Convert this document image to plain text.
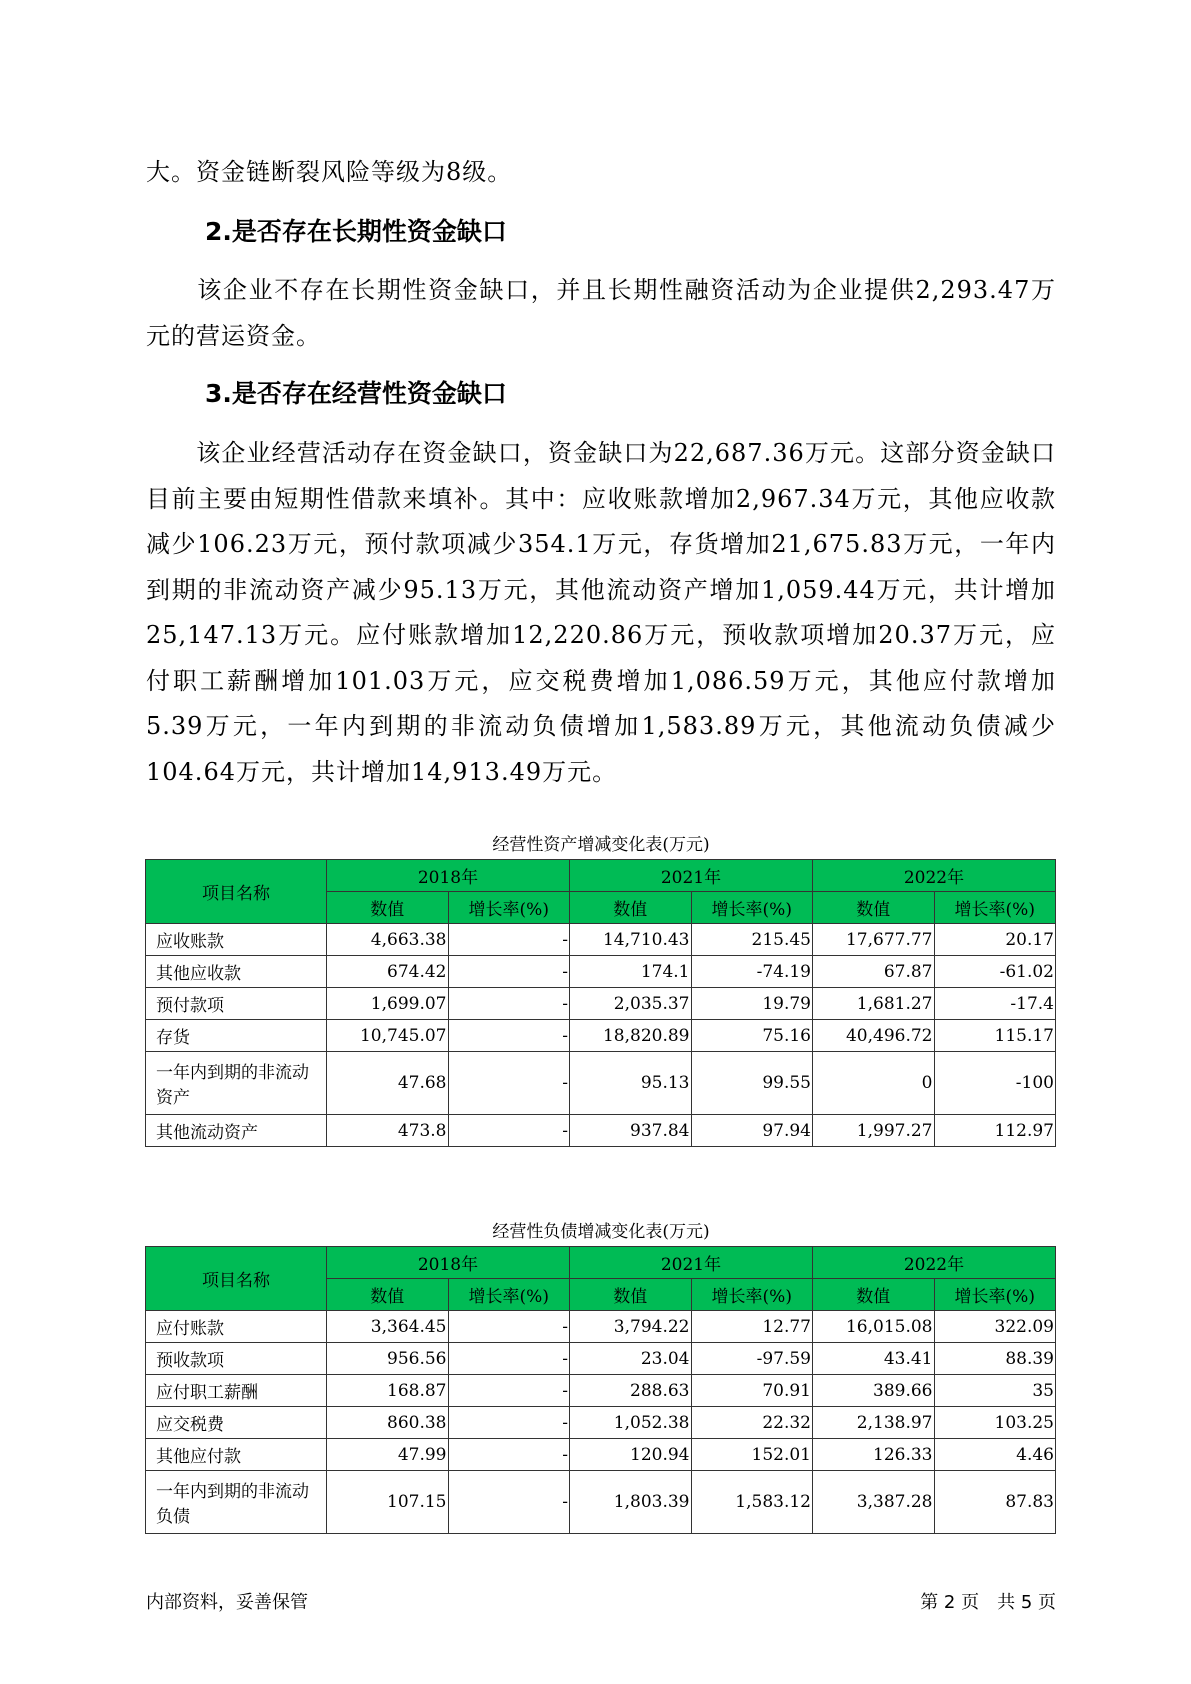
大。资金链断裂风险等级为8级。
2.是否存在长期性资金缺口
　　该企业不存在长期性资金缺口，并且长期性融资活动为企业提供2,293.47万元的营运资金。
3.是否存在经营性资金缺口
　　该企业经营活动存在资金缺口，资金缺口为22,687.36万元。这部分资金缺口目前主要由短期性借款来填补。其中：应收账款增加2,967.34万元，其他应收款减少106.23万元，预付款项减少354.1万元，存货增加21,675.83万元，一年内到期的非流动资产减少95.13万元，其他流动资产增加1,059.44万元，共计增加25,147.13万元。应付账款增加12,220.86万元，预收款项增加20.37万元，应付职工薪酬增加101.03万元，应交税费增加1,086.59万元，其他应付款增加5.39万元，一年内到期的非流动负债增加1,583.89万元，其他流动负债减少104.64万元，共计增加14,913.49万元。
经营性资产增减变化表(万元)
项目名称	2018年		2021年		2022年	
	数值	增长率(%)	数值	增长率(%)	数值	增长率(%)
应收账款	4,663.38	-	14,710.43	215.45	17,677.77	20.17
其他应收款	674.42	-	174.1	-74.19	67.87	-61.02
预付款项	1,699.07	-	2,035.37	19.79	1,681.27	-17.4
存货	10,745.07	-	18,820.89	75.16	40,496.72	115.17
一年内到期的非流动资产	47.68	-	95.13	99.55	0	-100
其他流动资产	473.8	-	937.84	97.94	1,997.27	112.97
经营性负债增减变化表(万元)
项目名称	2018年		2021年		2022年	
	数值	增长率(%)	数值	增长率(%)	数值	增长率(%)
应付账款	3,364.45	-	3,794.22	12.77	16,015.08	322.09
预收款项	956.56	-	23.04	-97.59	43.41	88.39
应付职工薪酬	168.87	-	288.63	70.91	389.66	35
应交税费	860.38	-	1,052.38	22.32	2,138.97	103.25
其他应付款	47.99	-	120.94	152.01	126.33	4.46
一年内到期的非流动负债	107.15	-	1,803.39	1,583.12	3,387.28	87.83
内部资料，妥善保管	第 2 页　共 5 页
